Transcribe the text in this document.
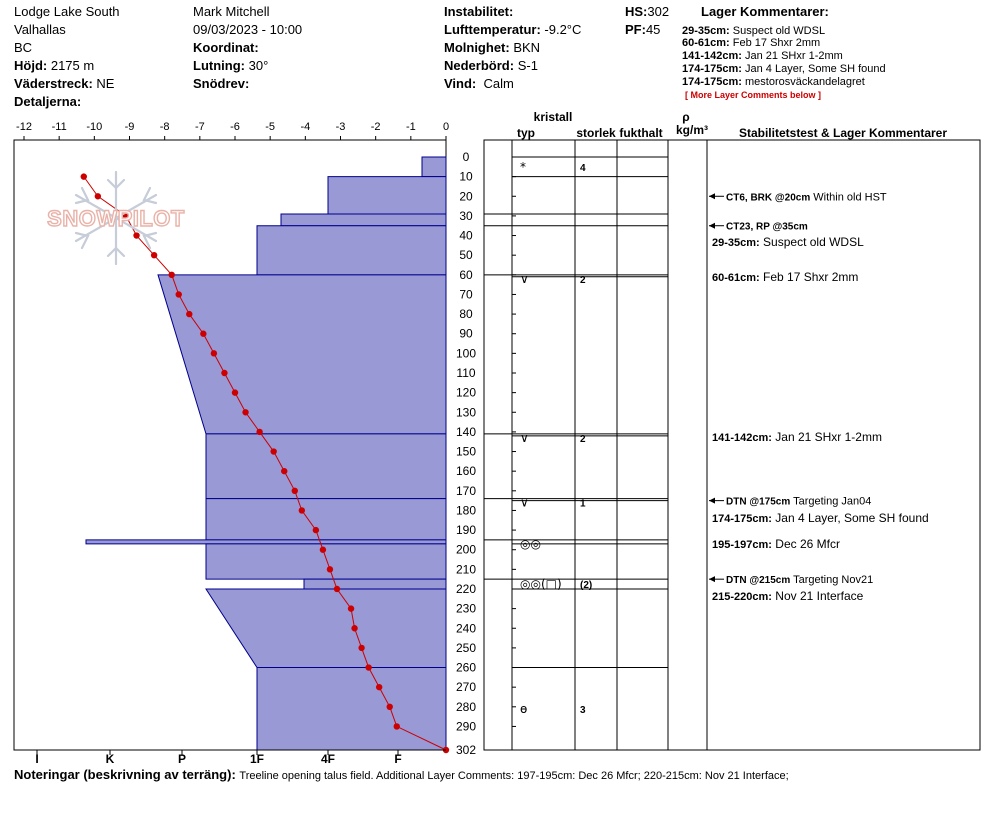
Lodge Lake South
Valhallas
BC
Höjd: 2175 m
Väderstreck: NE
Detaljerna:
Mark Mitchell
09/03/2023 - 10:00
Koordinat:
Lutning: 30°
Snödrev:
Instabilitet:
Lufttemperatur: -9.2°C
Molnighet: BKN
Nederbörd: S-1
Vind: Calm
HS:302
PF:45
Lager Kommentarer:
29-35cm: Suspect old WDSL
60-61cm: Feb 17 Shxr 2mm
141-142cm: Jan 21 SHxr 1-2mm
174-175cm: Jan 4 Layer, Some SH found
174-175cm: mestorosväckandelagret
[ More Layer Comments below ]
-12 -11 -10 -9 -8 -7 -6 -5 -4 -3 -2 -1 0
0
10
20
30
40
50
60
70
80
90
100
110
120
130
140
150
160
170
180
190
200
210
220
230
240
250
260
270
280
290
302
I	K	P	1F	4F	F
kristall
typ	storlek fukthalt
ρ
kg/m³	Stabilitetstest & Lager Kommentarer
*	4
∨	2
∨	2
∨	1
◎◎
◎◎(□) (2)
ѳ	3
CT6, BRK @20cm Within old HST
CT23, RP @35cm
DTN @175cm Targeting Jan04
DTN @215cm Targeting Nov21
29-35cm: Suspect old WDSL
60-61cm: Feb 17 Shxr 2mm
141-142cm: Jan 21 SHxr 1-2mm
174-175cm: Jan 4 Layer, Some SH found
195-197cm: Dec 26 Mfcr
215-220cm: Nov 21 Interface
SNOWPILOT
Noteringar (beskrivning av terräng): Treeline opening talus field. Additional Layer Comments: 197-195cm: Dec 26 Mfcr; 220-215cm: Nov 21 Interface;
